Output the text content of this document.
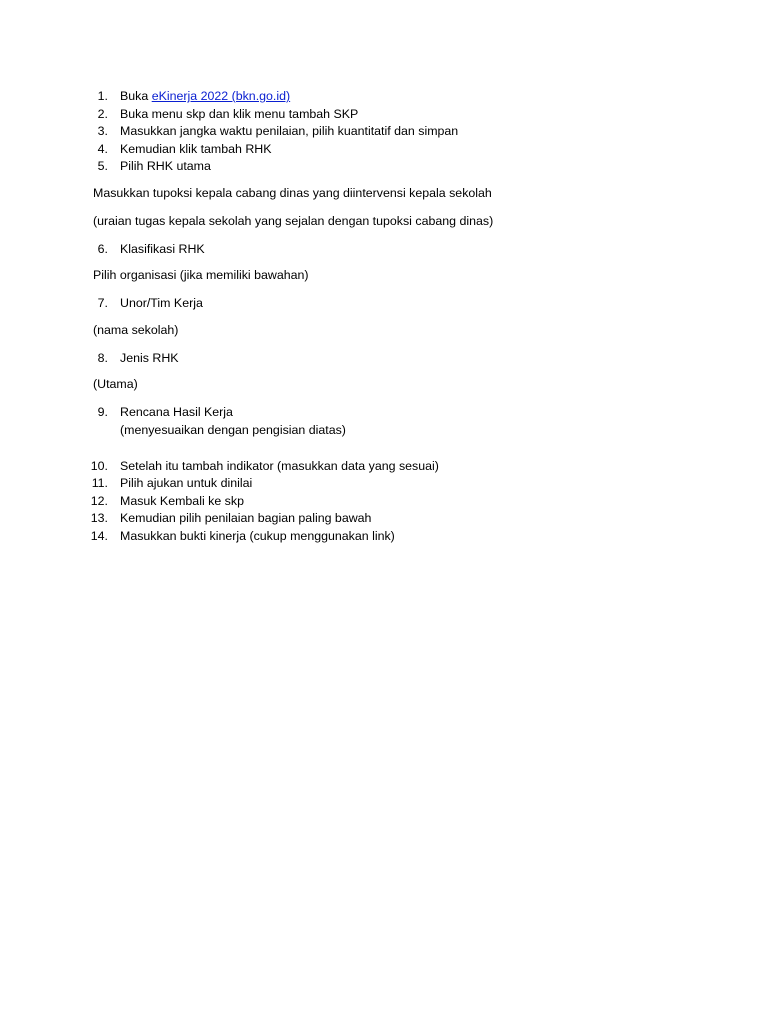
1. Buka eKinerja 2022 (bkn.go.id)
2. Buka menu skp dan klik menu tambah SKP
3. Masukkan jangka waktu penilaian, pilih kuantitatif dan simpan
4. Kemudian klik tambah RHK
5. Pilih RHK utama
Masukkan tupoksi kepala cabang dinas yang diintervensi kepala sekolah
(uraian tugas kepala sekolah yang sejalan dengan tupoksi cabang dinas)
6. Klasifikasi RHK
Pilih organisasi (jika memiliki bawahan)
7. Unor/Tim Kerja
(nama sekolah)
8. Jenis RHK
(Utama)
9. Rencana Hasil Kerja
(menyesuaikan dengan pengisian diatas)
10. Setelah itu tambah indikator (masukkan data yang sesuai)
11. Pilih ajukan untuk dinilai
12. Masuk Kembali ke skp
13. Kemudian pilih penilaian bagian paling bawah
14. Masukkan bukti kinerja (cukup menggunakan link)
